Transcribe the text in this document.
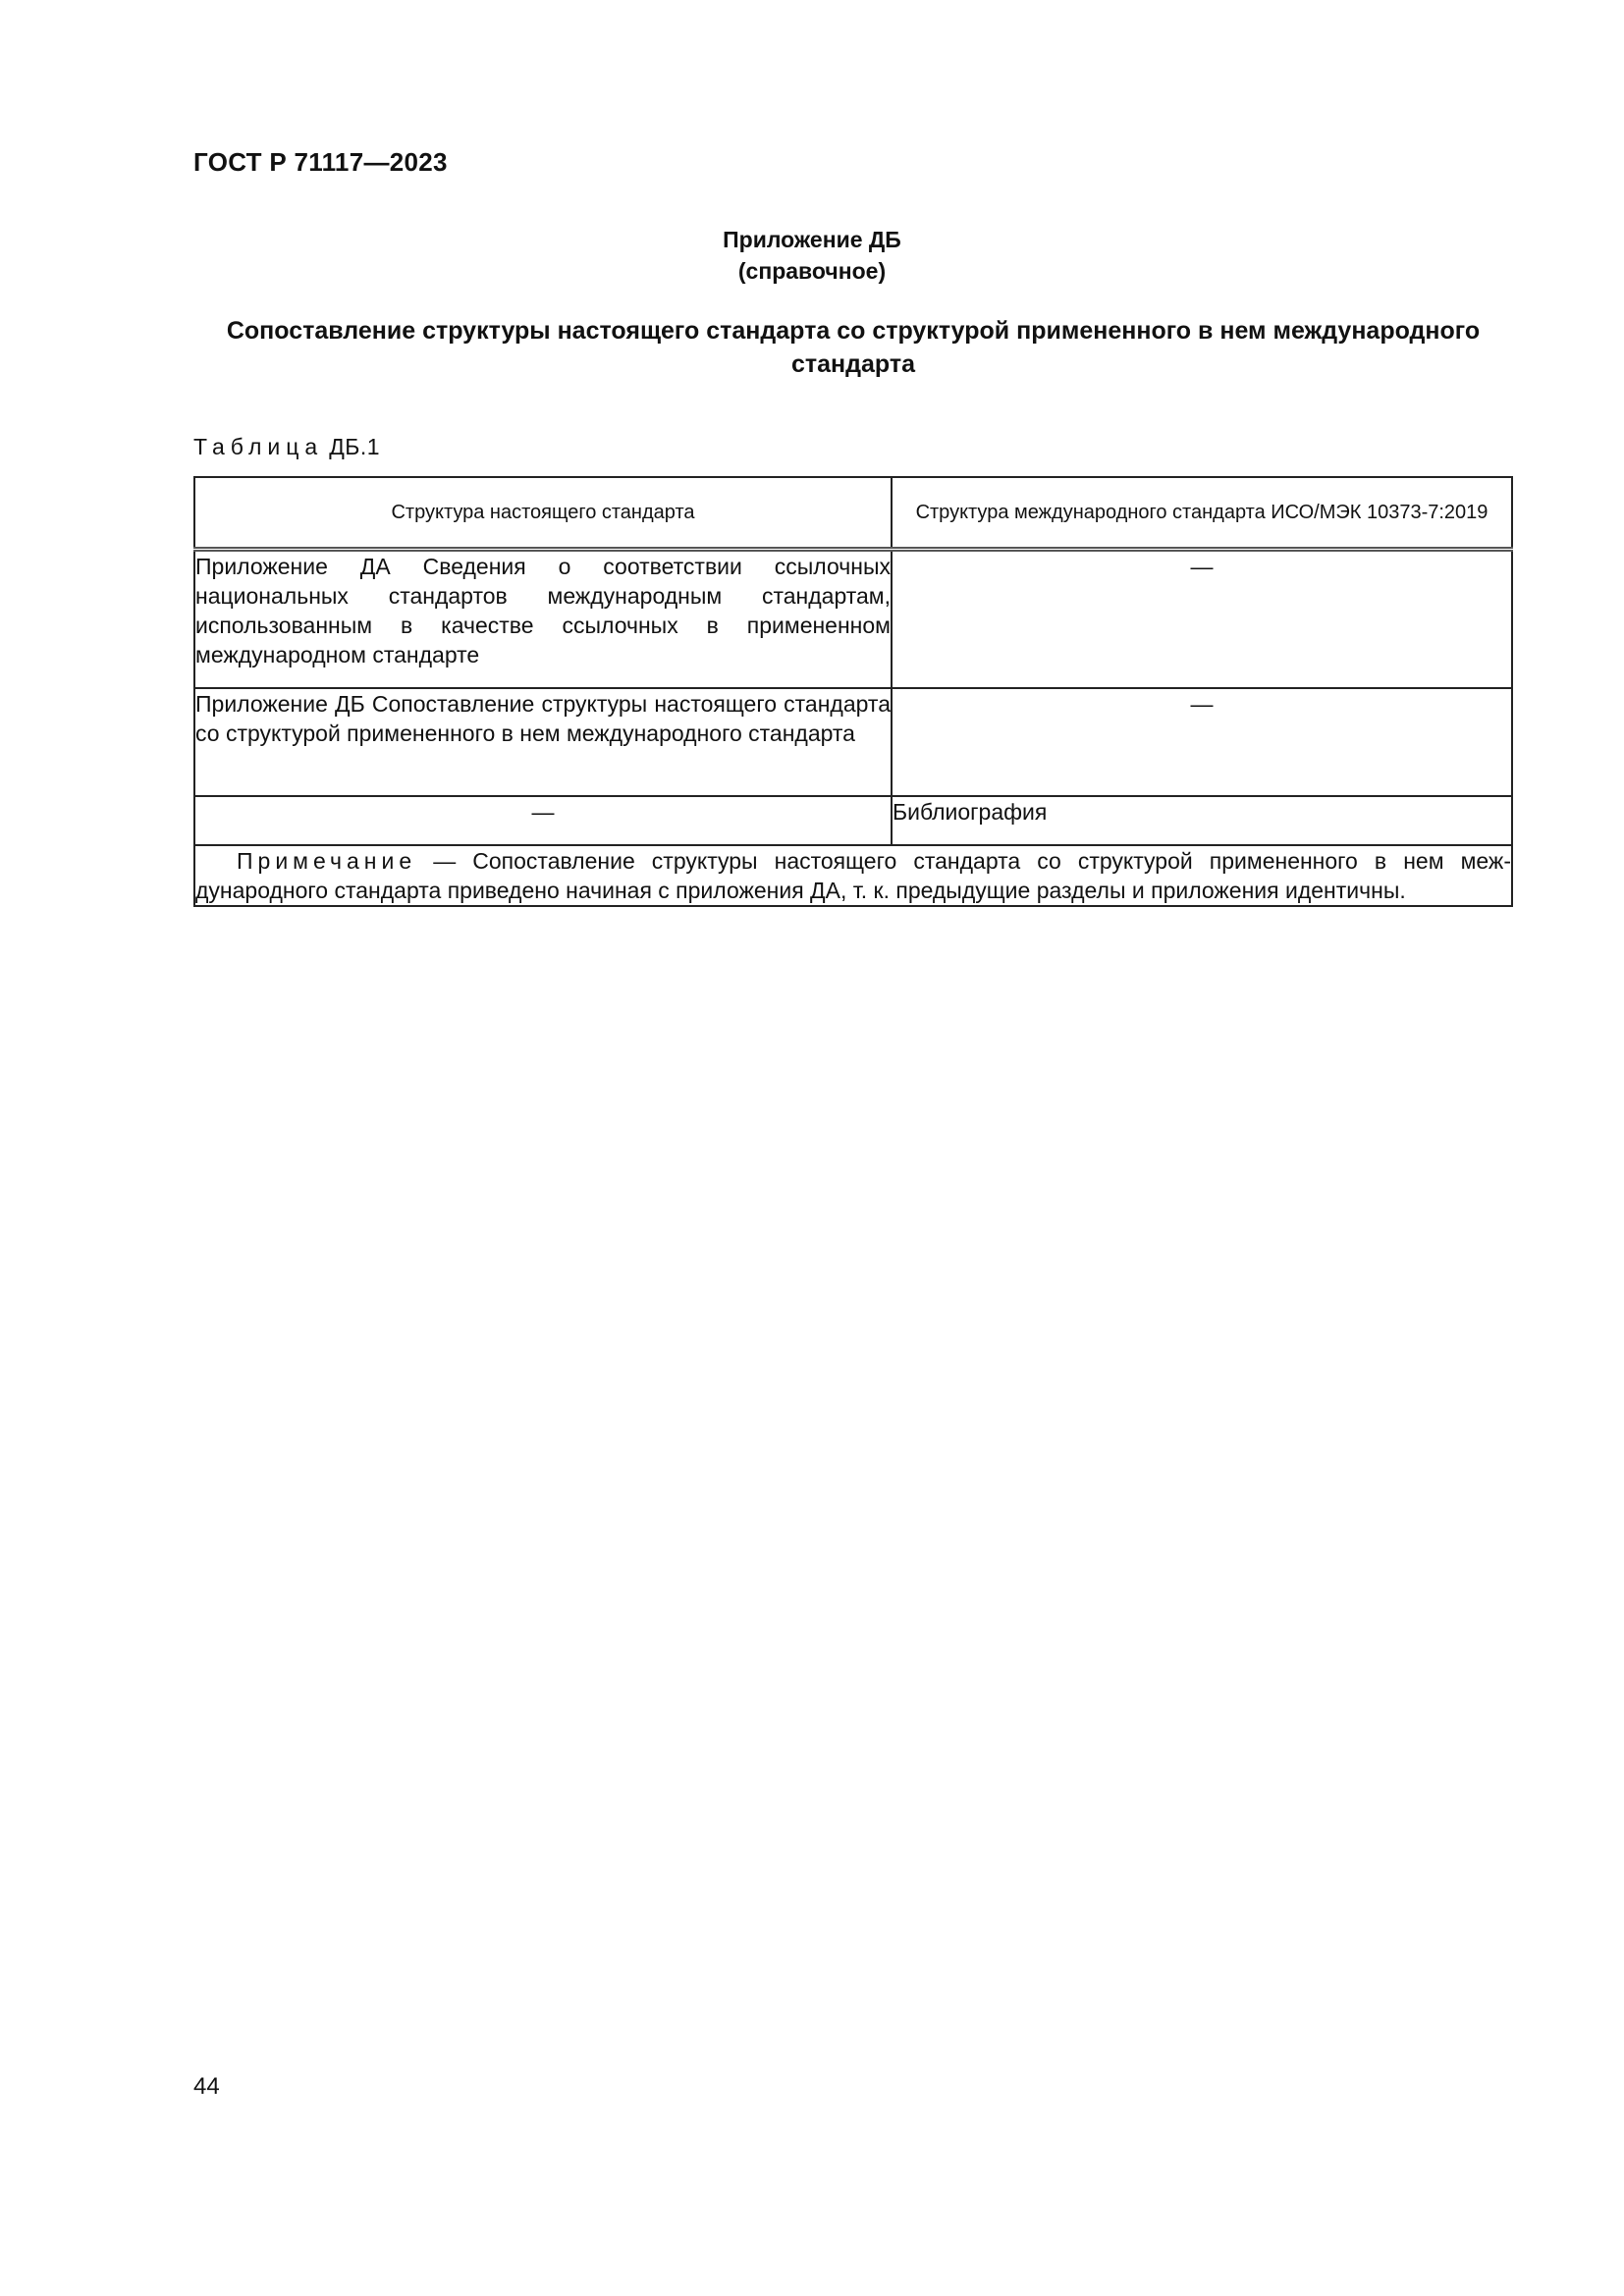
ГОСТ Р 71117—2023
Приложение ДБ
(справочное)
Сопоставление структуры настоящего стандарта со структурой примененного в нем международного стандарта
Таблица ДБ.1
Структура настоящего стандарта	Структура международного стандарта ИСО/МЭК 10373-7:2019

Приложение ДА Сведения о соответствии ссылочных национальных стандартов международным стандартам, использованным в качестве ссылочных в примененном международном стандарте	—
Приложение ДБ Сопоставление структуры настоящего стандарта со структурой примененного в нем международного стандарта	—
—	Библиография
Примечание — Сопоставление структуры настоящего стандарта со структурой примененного в нем международного стандарта приведено начиная с приложения ДА, т. к. предыдущие разделы и приложения идентичны.	
44
